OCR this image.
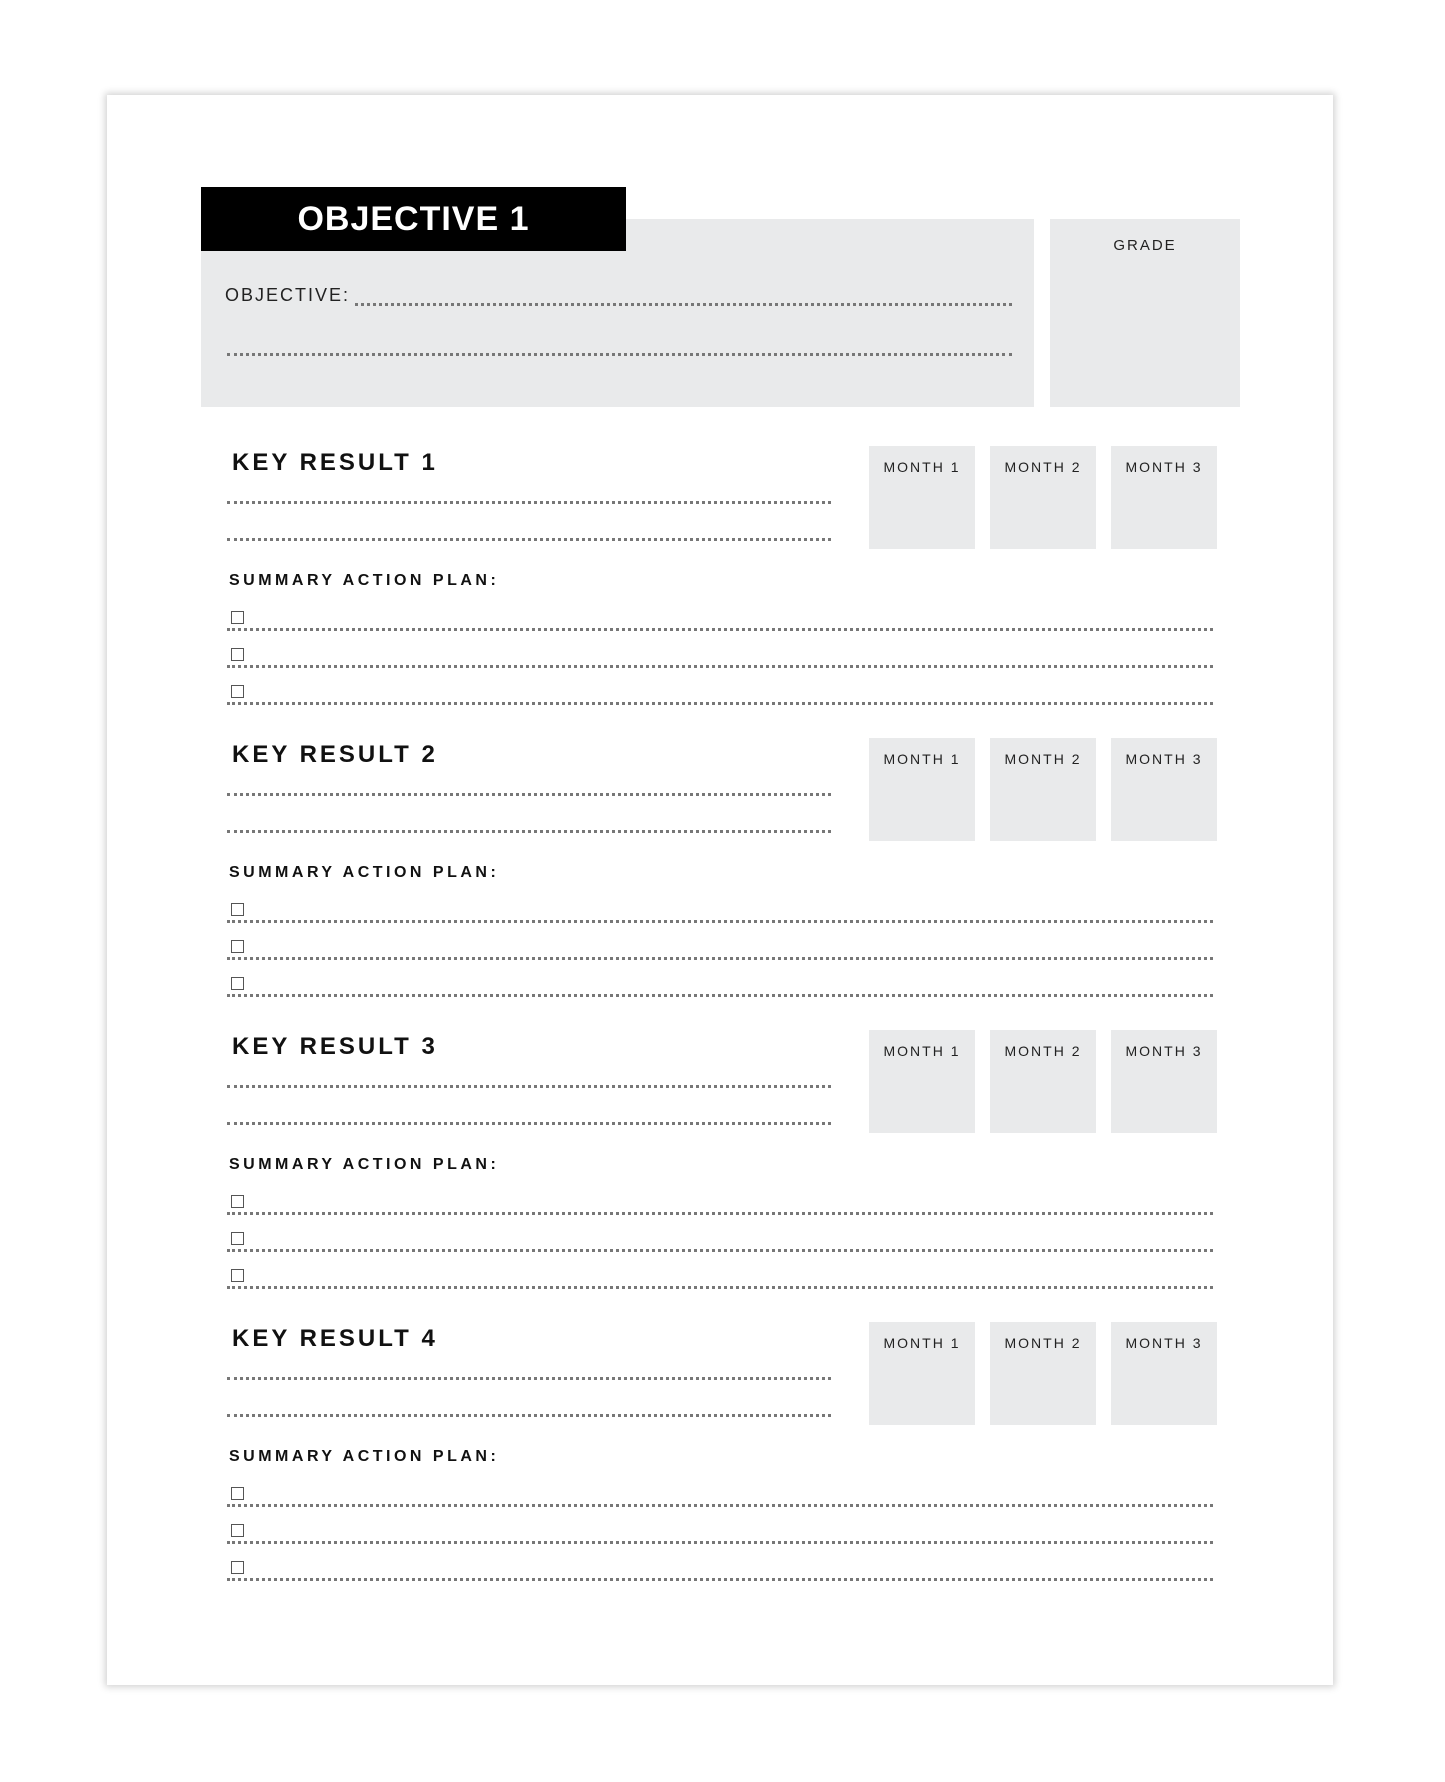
OBJECTIVE 1
OBJECTIVE:
GRADE
KEY RESULT 1	MONTH 1	MONTH 2	MONTH 3
SUMMARY ACTION PLAN:
KEY RESULT 2	MONTH 1	MONTH 2	MONTH 3
SUMMARY ACTION PLAN:
KEY RESULT 3	MONTH 1	MONTH 2	MONTH 3
SUMMARY ACTION PLAN:
KEY RESULT 4	MONTH 1	MONTH 2	MONTH 3
SUMMARY ACTION PLAN:
